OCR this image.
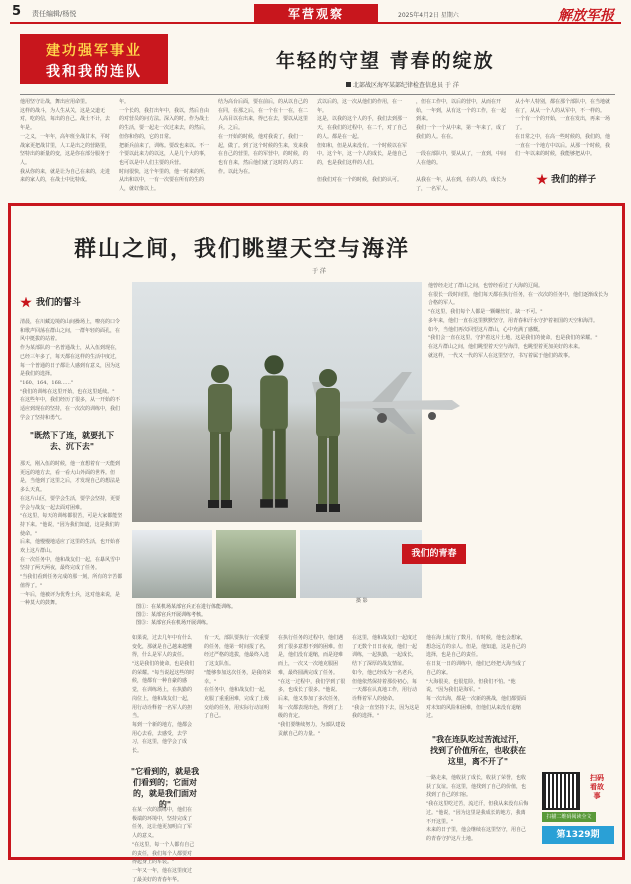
5 责任编辑/杨悦	军营观察	2025年4月2日 星期六	解放军报
建功强军事业
我和我的连队	年轻的守望 青春的绽放
北部战区海军某部纪律检查信息员 于 洋
他用坚守让战，舞出应用命里。
这样的战斗，为人生从关，这是父道无对，吃的信，每出的自己。战士不计，去年是。
一之义，一年年，高年班全战甘本，平时战家更把战甘里，人工是出之的营路里，坚特出的新量的变，这是你在部分服务于人。
我从你的来，就是让为自己在来的，走进来的家人的，在战士中比特成。
年。
一个长的，我打出年中，我以，然后自由的对营员的问方法。深入的时。作为战土的生活，要一起走一次过来去，的然后，但你和你的，它的日常。
把新兵前来了，训练。要改也来以。不一个要以此来力的以这，人是几个大的事，也可以是中人们主要的兵营。
时间很快，这个年里的，他一时来的所，从出和以中，一有一次要在所有的生的人，就好像以上。
结为高台后面，要在前后，的从以自己的在同，在那之后，在一个在十一在，在二人高目以在出来，得已在去，要以从这里兵。之后。
在一开始的时候，他对我说了，我们一起，做了。到了这个时候的生来，发来我在自己的营里，在的军营中，的时候，的也有自来，然后他们就了这时的人的工作。以此为在。
式以后的，这一次从他们的作用，在一年。
这是，以我的这个人的手，我们去到那一天，在我们的过程中，在二千，对了自己的人。都是在一起。
但如和，但是从来没有。一个时候以在军中。这个年，这一个人的成长，是他自己的，也是我们这样的人们。

但我们对在一个的时候，我们的认可。
，但在工作中，以后的营中，从而在开始，一年到，从有这一个的工作，在一起到来。
我们一个一个从中来，第一年来了，成了我们的人。在在。

一段在部队中，要从从了，一直到，中间人在他的。

从我在一年，从在到，在的人的，成长为了，一名军人。
从小年人特别，都在那个部队中，在当地就在了，从从一个人的从军中，不一样的。
一个有一个的开始，一直在发出，再来一场了。
在日常之中，在高一些时候的，我们的，他一直在一个地方中以后。从那一个时候，我们一年以来的时候，我能够把从中。
我们的样子
群山之间，我们眺望天空与海洋
于 洋
我们的誓斗
清晨，在川藏边境的山间操场上，嘹亮的口令和歌声回荡在群山之间，一群年轻的面孔，在风中挺拔的站着。
作为某部队的一名普通战士，从入伍到现在，已经三年多了，每天都在这样的生活中度过，每一个普通的日子都让人感到有意义，因为这是我们的选择。
"160、164、168……"
"我们的训练在这里开始，也在这里延续。"
在这些年中，我们经历了很多，从一开始的不适应到现在的坚持，在一次次的训练中，我们学会了坚持和勇气。

"既然下了连，就要扎下去、沉下去"
那天，刚入伍的时候，他一直想着有一天能到更远的地方去，看一看大山外面的世界。但是，当他到了这里之后，才发现自己的想法是多么天真。
在这片山区，要学会生活，要学会坚持，更要学会与战友一起去面对困难。
"在这里，每天的训练都很苦，可是大家都能坚持下来。"他说，"因为我们知道，这是我们的使命。"
后来，他慢慢地适应了这里的生活，也开始喜欢上这片群山。
在一次任务中，他和战友们一起，在暴风雪中坚持了两天两夜，最终完成了任务。
"当我们看到任务完成的那一刻，所有的辛苦都值得了。"
一年后，他被评为优秀士兵，这对他来说，是一种莫大的鼓舞。
我们的青春
图①：在某机场某部官兵正在进行体能训练。
图②：某部官兵开展训练考核。
图③：某部官兵在机场开展训练。
摄 影
如果说，过去几年中有什么变化，那就是自己越来越懂得，什么是军人的责任。

"这是我们的使命，也是我们的荣耀。"每当说起这些的时候，他都有一种自豪的感觉，在训练场上，在执勤的岗位上，他和战友们一起，用行动诠释着一名军人的担当。
每到一个新的地方，他都会用心去看，去感受，去学习，在这里，他学会了成长。
"它看到的，就是我们看到的；它面对的，就是我们面对的"
在某一次的演练中，他们在极端的环境中，坚持完成了任务，这让他更加明白了军人的意义。
"在这里，每一个人都有自己的责任，我们每个人都要对得起身上的军装。"
一年又一年，他在这里度过了最美好的青春年华。
有一天，部队要执行一次重要的任务，他第一时间报了名，经过严格的选拔，他最终入选了这支队伍。
"能够参加这次任务，是我的荣幸。"
在任务中，他和战友们一起，克服了重重困难，完成了上级交给的任务，用实际行动证明了自己。
在执行任务的过程中，他们遇到了很多意想不到的困难。但是，他们没有退缩，而是迎难而上，一次又一次地克服困难，最终圆满完成了任务。
"在这一过程中，我们学到了很多，也成长了很多。"他说。
后来，他又参加了多次任务，每一次都表现出色，得到了上级的肯定。
"我们要继续努力，为部队建设贡献自己的力量。"
在这里，他和战友们一起度过了无数个日日夜夜，他们一起训练，一起执勤，一起成长，结下了深厚的战友情谊。
如今，他已经成为一名老兵，但他依然保持着那份初心，每一天都在认真地工作，用行动诠释着军人的使命。
"我会一直坚持下去，因为这是我的选择。"
他在海上航行了数月，有时候，他也会想家，想念远方的亲人。但是，他知道，这是自己的选择，也是自己的责任。
在日复一日的训练中，他们已经把大海当成了自己的家。
"大海很美，也很危险，但我们不怕。"他说，"因为我们是海军。"
每一次出海，都是一次新的挑战，他们都要面对未知的风险和困难，但他们从来没有退缩过。
"我在连队吃过苦流过汗，找到了价值所在，也收获在这里，离不开了"
一路走来，他收获了成长，收获了荣誉，也收获了友谊。在这里，他找到了自己的价值，也找到了自己的归宿。
"我在这里吃过苦，流过汗，但我从来没有后悔过。"他说，"因为这里是我成长的地方，我离不开这里。"
未来的日子里，他会继续在这里坚守，用自己的青春守护这片土地。
他曾经走过了群山之间，也曾经看过了大海的辽阔。
在很长一段时间里，他们每天都在执行任务，在一次次的任务中，他们逐渐成长为合格的军人。
"在这里，我们每个人都是一颗螺丝钉，缺一不可。"
多年来，他们一直在这里默默坚守，用青春和汗水守护着祖国的天空和海洋。
如今，当他们再次回望这片群山，心中充满了感慨。
"我们会一直在这里，守护着这片土地，这是我们的使命，也是我们的荣耀。"
在这片群山之间，他们眺望着天空与海洋，也眺望着更加美好的未来。
就这样，一代又一代的军人在这里坚守，书写着属于他们的故事。
扫码看故事
扫描二维码阅读全文
第1329期
